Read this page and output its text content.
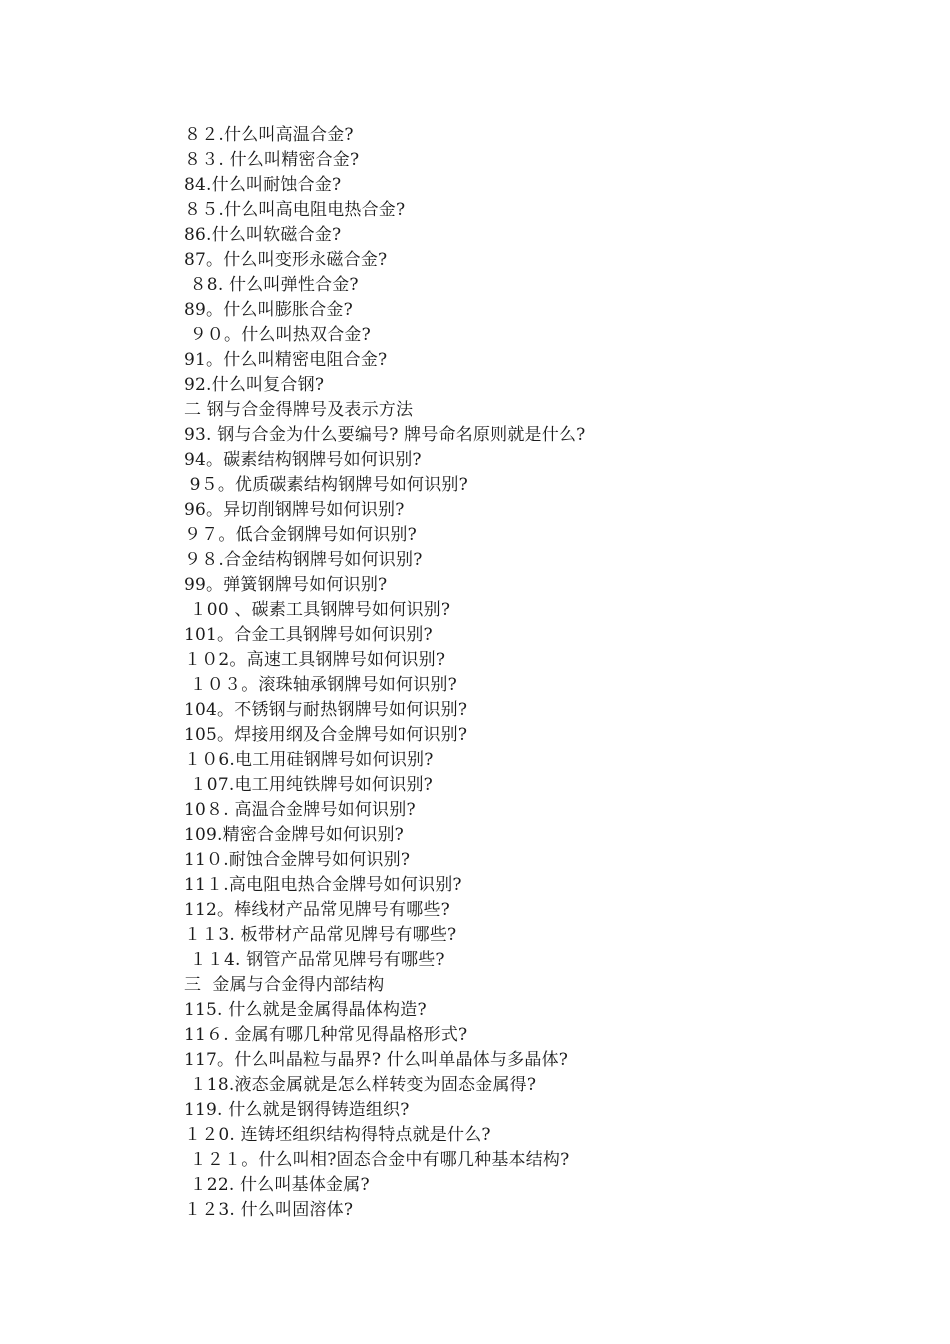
８２.什么叫高温合金?
８３. 什么叫精密合金?
84.什么叫耐蚀合金?
８５.什么叫高电阻电热合金?
86.什么叫软磁合金?
87。什么叫变形永磁合金?
８8. 什么叫弹性合金?
89。什么叫膨胀合金?
９０。什么叫热双合金?
91。什么叫精密电阻合金?
92.什么叫复合钢?
二 钢与合金得牌号及表示方法
93. 钢与合金为什么要编号? 牌号命名原则就是什么?
94。碳素结构钢牌号如何识别?
9５。优质碳素结构钢牌号如何识别?
96。异切削钢牌号如何识别?
９７。低合金钢牌号如何识别?
９８.合金结构钢牌号如何识别?
99。弹簧钢牌号如何识别?
１00 、碳素工具钢牌号如何识别?
101。合金工具钢牌号如何识别?
１０2。高速工具钢牌号如何识别?
１０３。滚珠轴承钢牌号如何识别?
104。不锈钢与耐热钢牌号如何识别?
105。焊接用纲及合金牌号如何识别?
１０6.电工用硅钢牌号如何识别?
１07.电工用纯铁牌号如何识别?
10８. 高温合金牌号如何识别?
109.精密合金牌号如何识别?
11０.耐蚀合金牌号如何识别?
11１.高电阻电热合金牌号如何识别?
112。棒线材产品常见牌号有哪些?
１１3. 板带材产品常见牌号有哪些?
１１4. 钢管产品常见牌号有哪些?
三  金属与合金得内部结构
115. 什么就是金属得晶体构造?
11６. 金属有哪几种常见得晶格形式?
117。什么叫晶粒与晶界? 什么叫单晶体与多晶体?
１18.液态金属就是怎么样转变为固态金属得?
119. 什么就是钢得铸造组织?
１２0. 连铸坯组织结构得特点就是什么?
１２１。什么叫相?固态合金中有哪几种基本结构?
１22. 什么叫基体金属?
１２3. 什么叫固溶体?
